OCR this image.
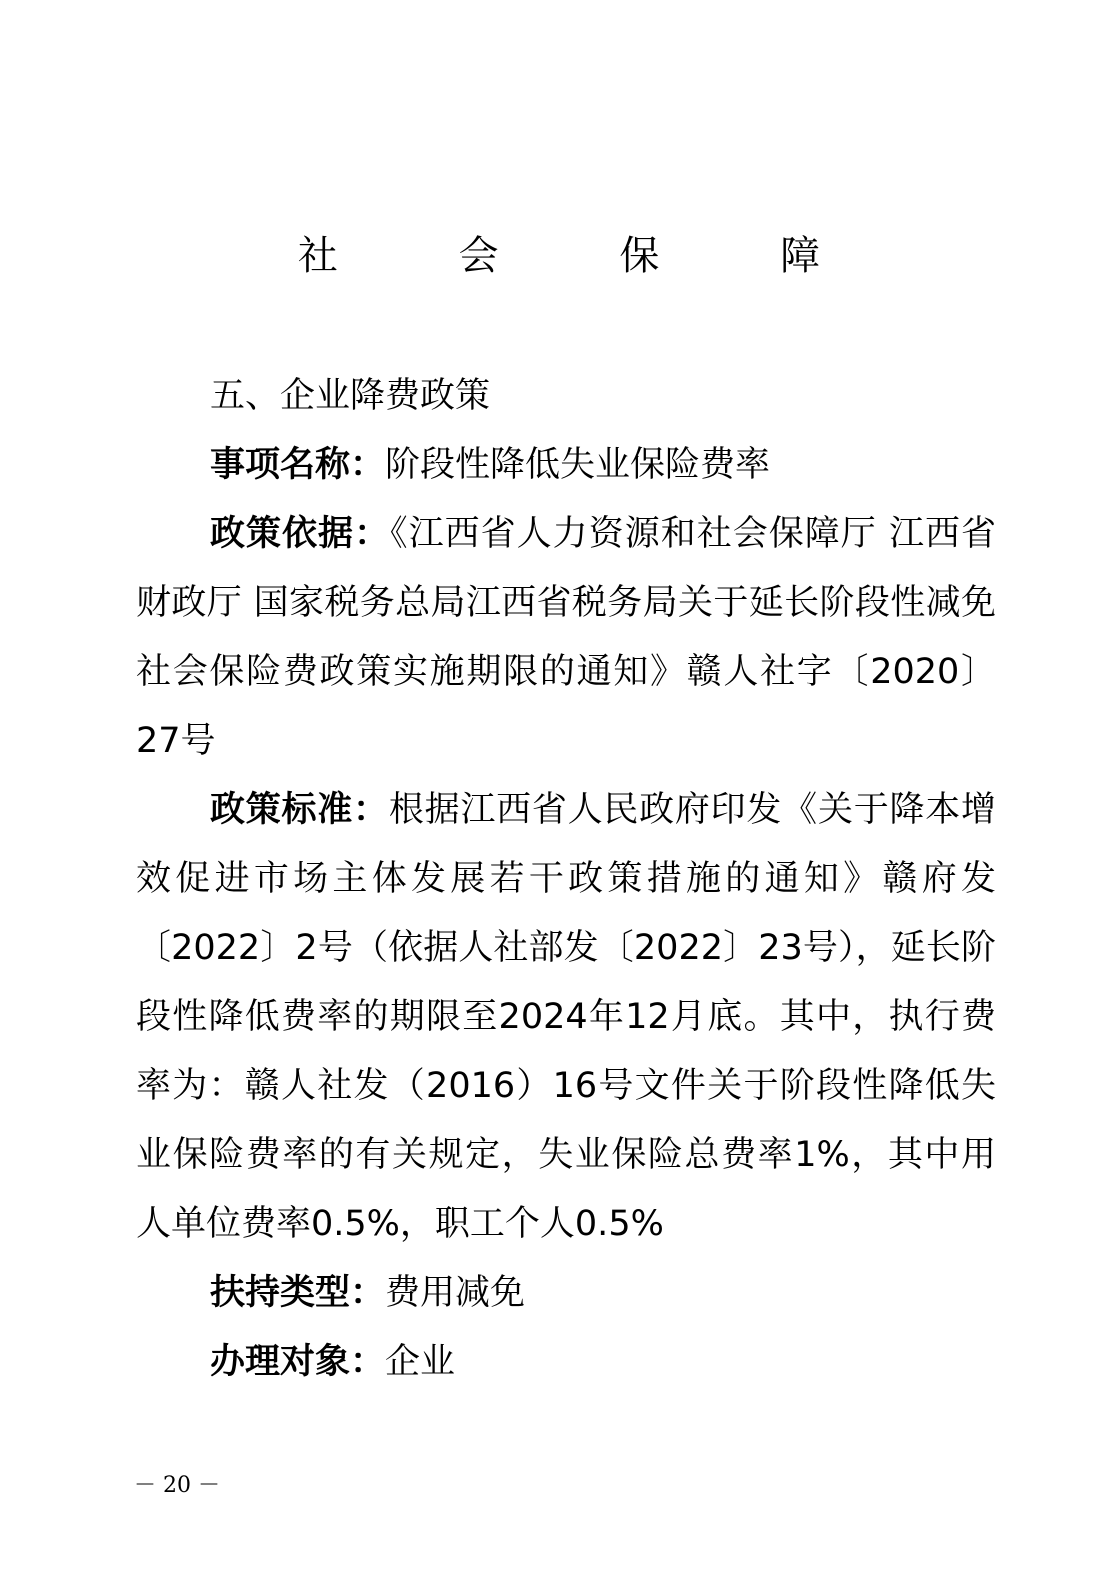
社 会 保 障

五、企业降费政策

事项名称：阶段性降低失业保险费率

政策依据：《江西省人力资源和社会保障厅 江西省财政厅 国家税务总局江西省税务局关于延长阶段性减免社会保险费政策实施期限的通知》赣人社字〔2020〕27号

政策标准：根据江西省人民政府印发《关于降本增效促进市场主体发展若干政策措施的通知》赣府发〔2022〕2号（依据人社部发〔2022〕23号），延长阶段性降低费率的期限至2024年12月底。其中，执行费率为：赣人社发（2016）16号文件关于阶段性降低失业保险费率的有关规定，失业保险总费率1%，其中用人单位费率0.5%，职工个人0.5%

扶持类型：费用减免

办理对象：企业

－ 20 －
